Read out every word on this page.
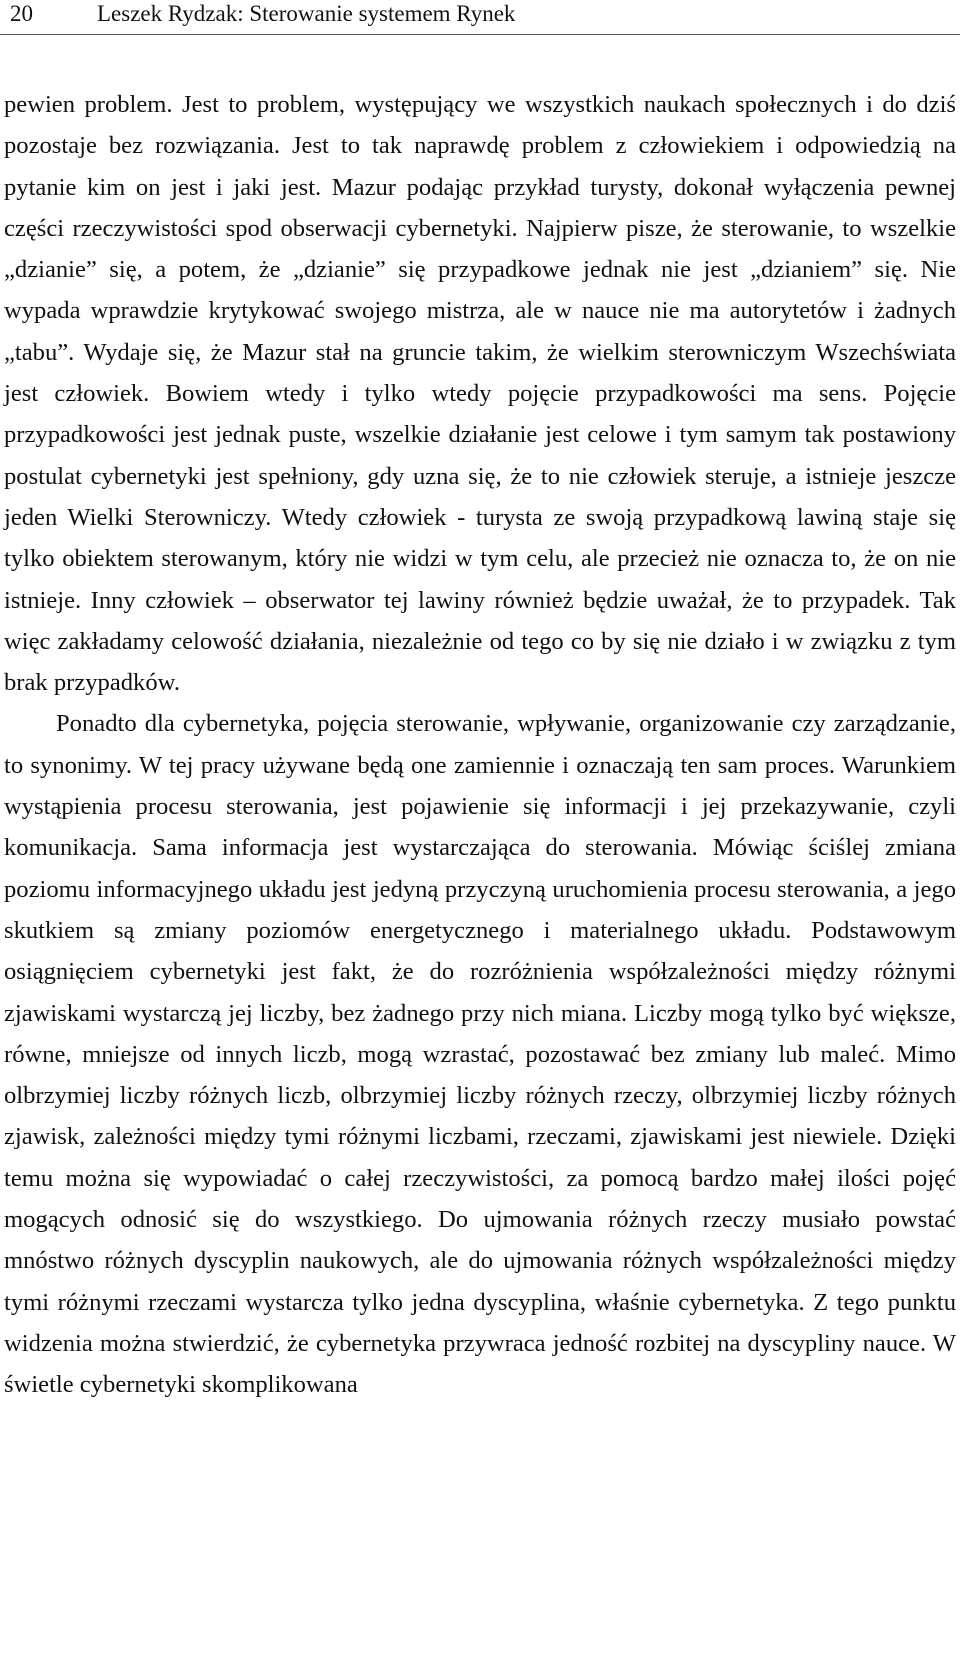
20	Leszek Rydzak: Sterowanie systemem Rynek

pewien problem. Jest to problem, występujący we wszystkich naukach społecznych i do dziś pozostaje bez rozwiązania. Jest to tak naprawdę problem z człowiekiem i odpowiedzią na pytanie kim on jest i jaki jest. Mazur podając przykład turysty, dokonał wyłączenia pewnej części rzeczywistości spod obserwacji cybernetyki. Najpierw pisze, że sterowanie, to wszelkie „dzianie” się, a potem, że „dzianie” się przypadkowe jednak nie jest „dzianiem” się. Nie wypada wprawdzie krytykować swojego mistrza, ale w nauce nie ma autorytetów i żadnych „tabu”. Wydaje się, że Mazur stał na gruncie takim, że wielkim sterowniczym Wszechświata jest człowiek. Bowiem wtedy i tylko wtedy pojęcie przypadkowości ma sens. Pojęcie przypadkowości jest jednak puste, wszelkie działanie jest celowe i tym samym tak postawiony postulat cybernetyki jest spełniony, gdy uzna się, że to nie człowiek steruje, a istnieje jeszcze jeden Wielki Sterowniczy. Wtedy człowiek - turysta ze swoją przypadkową lawiną staje się tylko obiektem sterowanym, który nie widzi w tym celu, ale przecież nie oznacza to, że on nie istnieje. Inny człowiek – obserwator tej lawiny również będzie uważał, że to przypadek. Tak więc zakładamy celowość działania, niezależnie od tego co by się nie działo i w związku z tym brak przypadków.

Ponadto dla cybernetyka, pojęcia sterowanie, wpływanie, organizowanie czy zarządzanie, to synonimy. W tej pracy używane będą one zamiennie i oznaczają ten sam proces. Warunkiem wystąpienia procesu sterowania, jest pojawienie się informacji i jej przekazywanie, czyli komunikacja. Sama informacja jest wystarczająca do sterowania. Mówiąc ściślej zmiana poziomu informacyjnego układu jest jedyną przyczyną uruchomienia procesu sterowania, a jego skutkiem są zmiany poziomów energetycznego i materialnego układu. Podstawowym osiągnięciem cybernetyki jest fakt, że do rozróżnienia współzależności między różnymi zjawiskami wystarczą jej liczby, bez żadnego przy nich miana. Liczby mogą tylko być większe, równe, mniejsze od innych liczb, mogą wzrastać, pozostawać bez zmiany lub maleć. Mimo olbrzymiej liczby różnych liczb, olbrzymiej liczby różnych rzeczy, olbrzymiej liczby różnych zjawisk, zależności między tymi różnymi liczbami, rzeczami, zjawiskami jest niewiele. Dzięki temu można się wypowiadać o całej rzeczywistości, za pomocą bardzo małej ilości pojęć mogących odnosić się do wszystkiego. Do ujmowania różnych rzeczy musiało powstać mnóstwo różnych dyscyplin naukowych, ale do ujmowania różnych współzależności między tymi różnymi rzeczami wystarcza tylko jedna dyscyplina, właśnie cybernetyka. Z tego punktu widzenia można stwierdzić, że cybernetyka przywraca jedność rozbitej na dyscypliny nauce. W świetle cybernetyki skomplikowana
